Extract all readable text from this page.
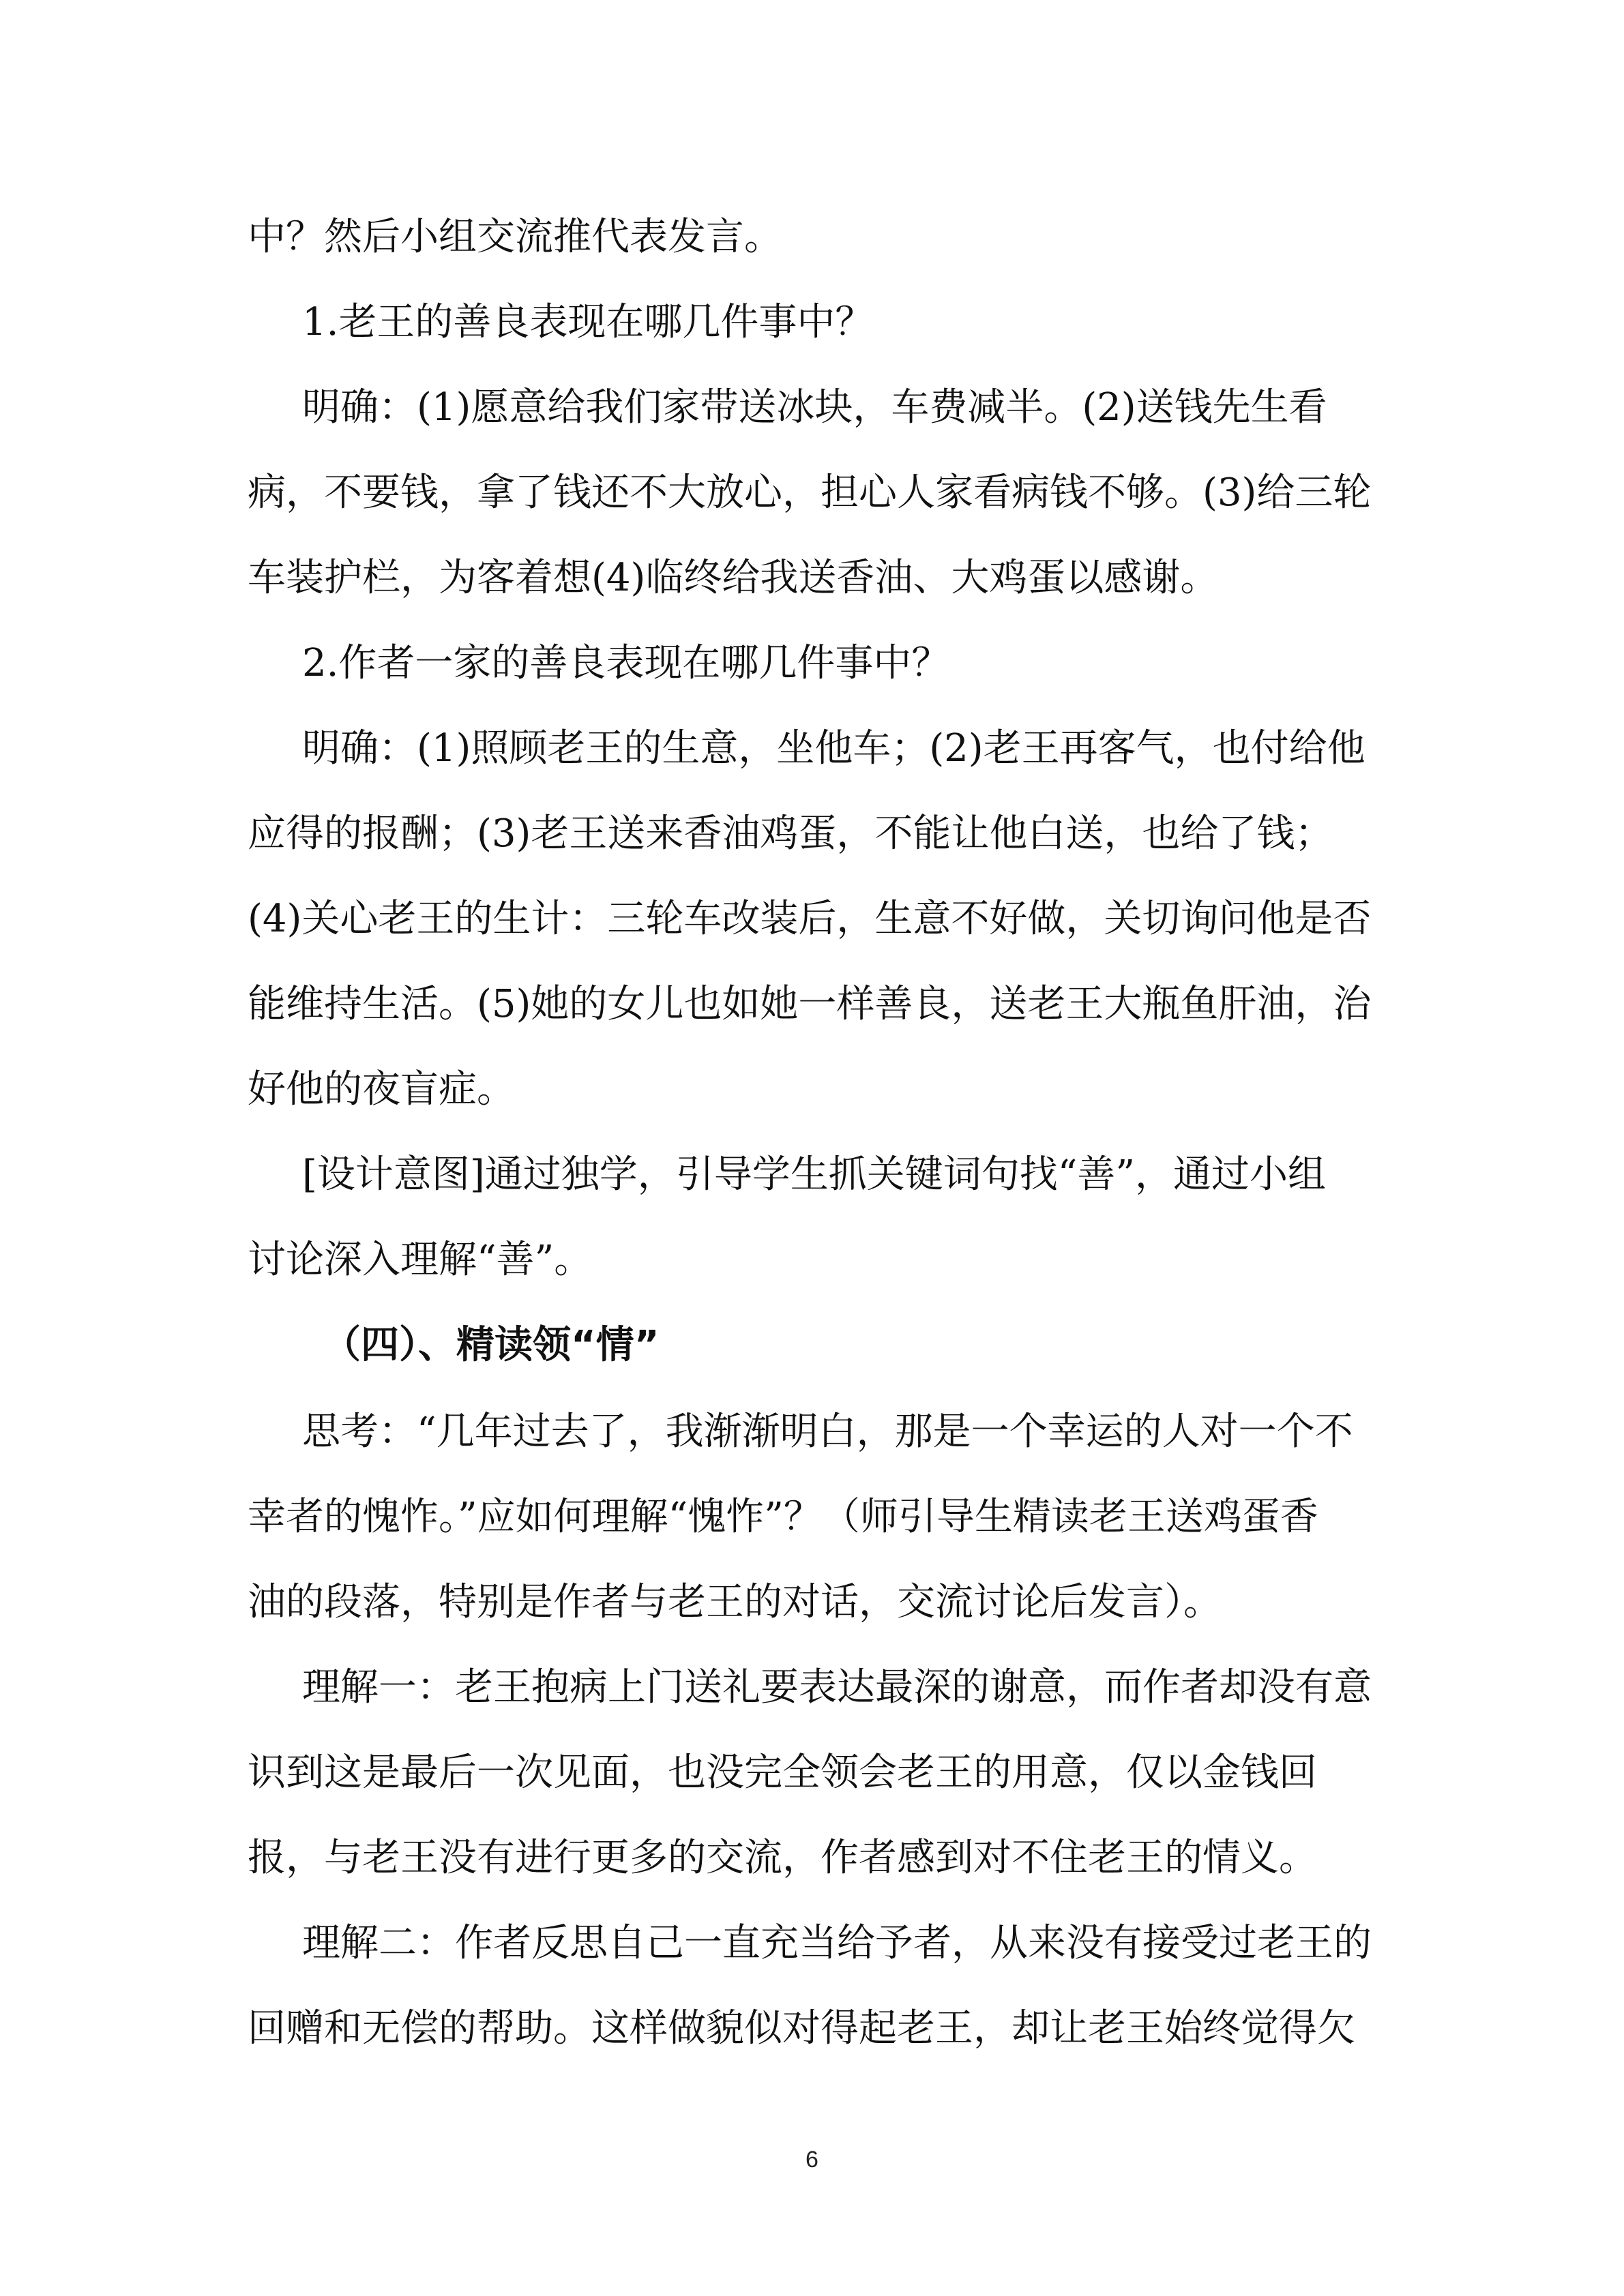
中？然后小组交流推代表发言。
1.老王的善良表现在哪几件事中？
明确：(1)愿意给我们家带送冰块，车费减半。(2)送钱先生看
病，不要钱，拿了钱还不大放心，担心人家看病钱不够。(3)给三轮
车装护栏，为客着想(4)临终给我送香油、大鸡蛋以感谢。
2.作者一家的善良表现在哪几件事中？
明确：(1)照顾老王的生意，坐他车；(2)老王再客气，也付给他
应得的报酬；(3)老王送来香油鸡蛋，不能让他白送，也给了钱；
(4)关心老王的生计：三轮车改装后，生意不好做，关切询问他是否
能维持生活。(5)她的女儿也如她一样善良，送老王大瓶鱼肝油，治
好他的夜盲症。
[设计意图]通过独学，引导学生抓关键词句找“善”，通过小组
讨论深入理解“善”。
（四）、精读领“情”
思考：“几年过去了，我渐渐明白，那是一个幸运的人对一个不
幸者的愧怍。”应如何理解“愧怍”？（师引导生精读老王送鸡蛋香
油的段落，特别是作者与老王的对话，交流讨论后发言）。
理解一：老王抱病上门送礼要表达最深的谢意，而作者却没有意
识到这是最后一次见面，也没完全领会老王的用意，仅以金钱回
报，与老王没有进行更多的交流，作者感到对不住老王的情义。
理解二：作者反思自己一直充当给予者，从来没有接受过老王的
回赠和无偿的帮助。这样做貌似对得起老王，却让老王始终觉得欠
6
